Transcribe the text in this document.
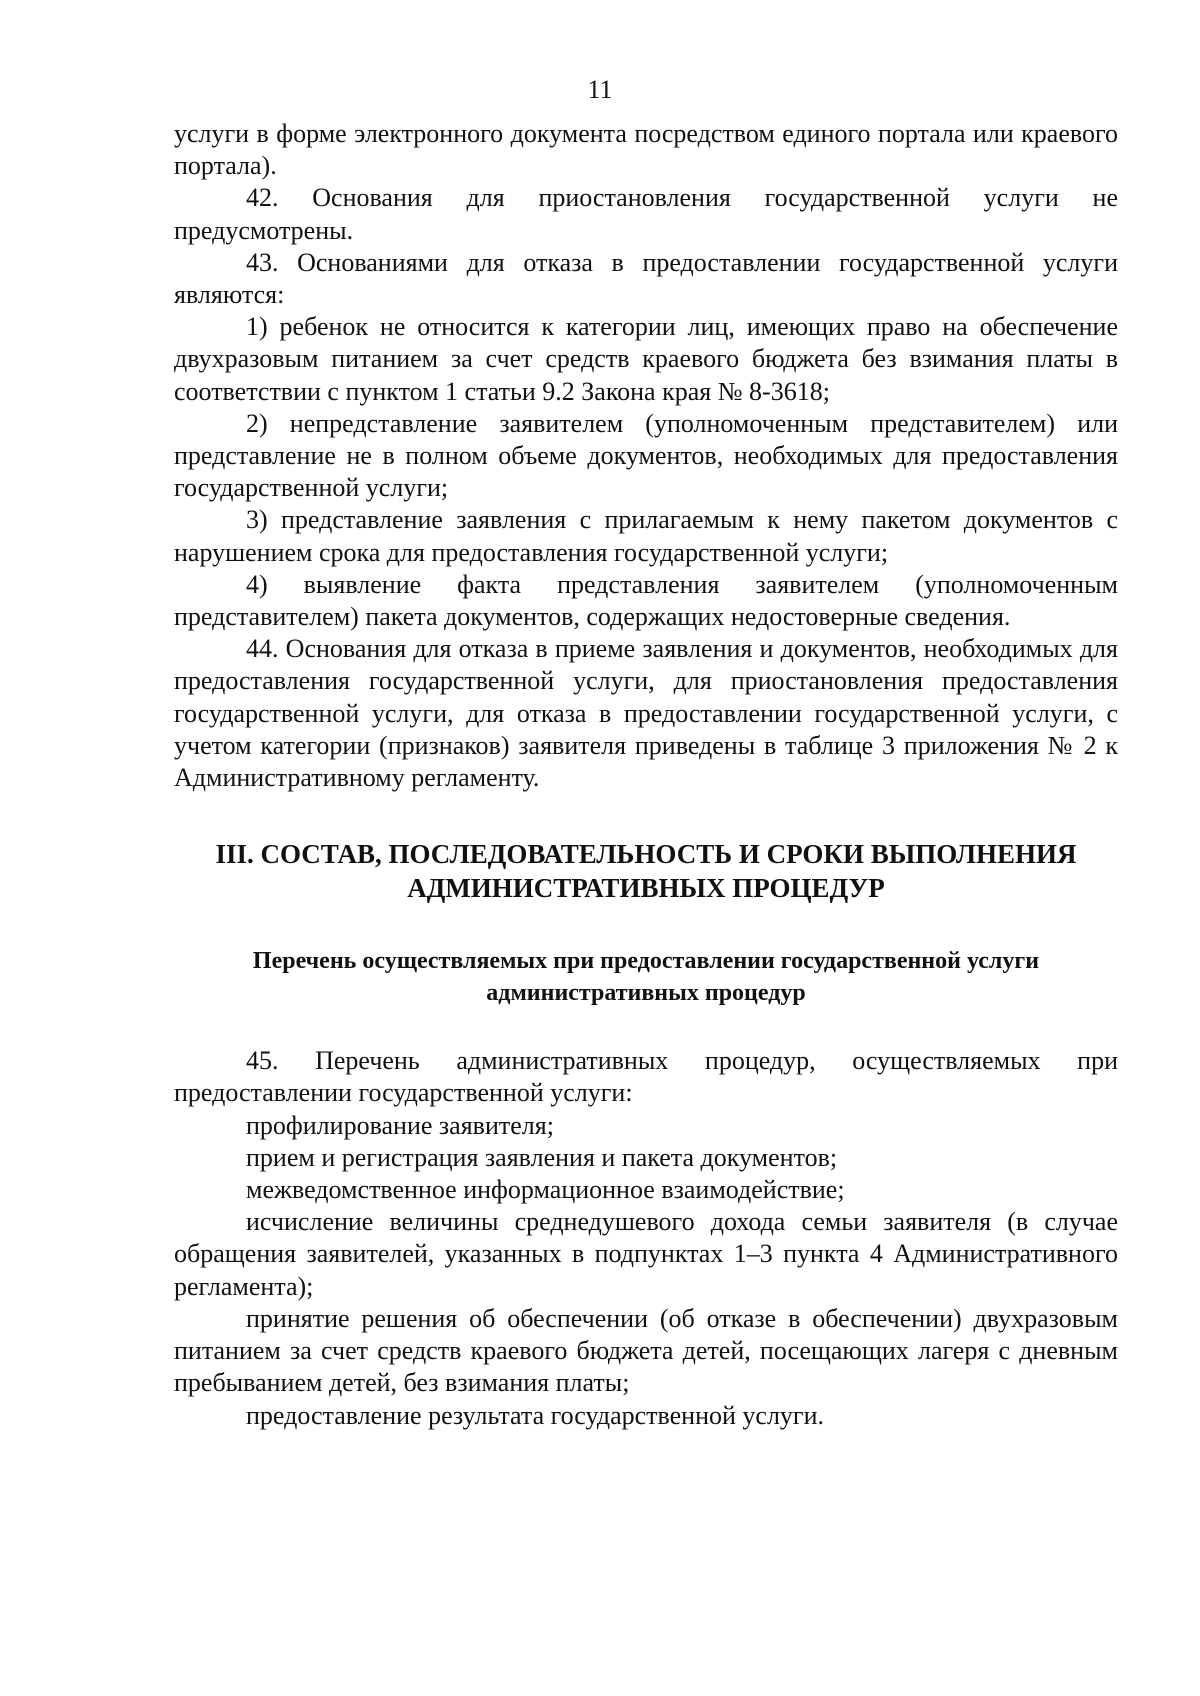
11

услуги в форме электронного документа посредством единого портала или краевого портала).

42. Основания для приостановления государственной услуги не предусмотрены.

43. Основаниями для отказа в предоставлении государственной услуги являются:

1) ребенок не относится к категории лиц, имеющих право на обеспечение двухразовым питанием за счет средств краевого бюджета без взимания платы в соответствии с пунктом 1 статьи 9.2 Закона края № 8-3618;

2) непредставление заявителем (уполномоченным представителем) или представление не в полном объеме документов, необходимых для предоставления государственной услуги;

3) представление заявления с прилагаемым к нему пакетом документов с нарушением срока для предоставления государственной услуги;

4) выявление факта представления заявителем (уполномоченным представителем) пакета документов, содержащих недостоверные сведения.

44. Основания для отказа в приеме заявления и документов, необходимых для предоставления государственной услуги, для приостановления предоставления государственной услуги, для отказа в предоставлении государственной услуги, с учетом категории (признаков) заявителя приведены в таблице 3 приложения № 2 к Административному регламенту.

III. СОСТАВ, ПОСЛЕДОВАТЕЛЬНОСТЬ И СРОКИ ВЫПОЛНЕНИЯ
АДМИНИСТРАТИВНЫХ ПРОЦЕДУР
Перечень осуществляемых при предоставлении государственной услуги
административных процедур

45. Перечень административных процедур, осуществляемых при предоставлении государственной услуги:

профилирование заявителя;

прием и регистрация заявления и пакета документов;

межведомственное информационное взаимодействие;

исчисление величины среднедушевого дохода семьи заявителя (в случае обращения заявителей, указанных в подпунктах 1–3 пункта 4 Административного регламента);

принятие решения об обеспечении (об отказе в обеспечении) двухразовым питанием за счет средств краевого бюджета детей, посещающих лагеря с дневным пребыванием детей, без взимания платы;

предоставление результата государственной услуги.
